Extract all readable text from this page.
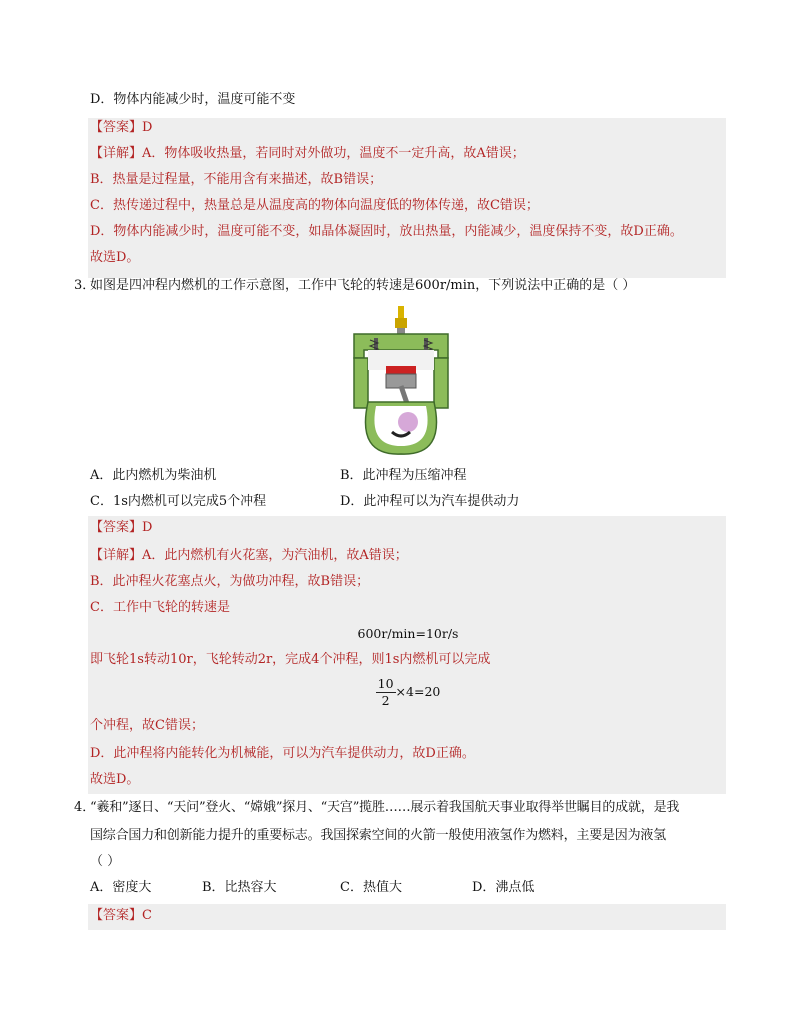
D．物体内能减少时，温度可能不变
【答案】D
【详解】A．物体吸收热量，若同时对外做功，温度不一定升高，故A错误；
B．热量是过程量，不能用含有来描述，故B错误；
C．热传递过程中，热量总是从温度高的物体向温度低的物体传递，故C错误；
D．物体内能减少时，温度可能不变，如晶体凝固时，放出热量，内能减少，温度保持不变，故D正确。
故选D。
3．
如图是四冲程内燃机的工作示意图，工作中飞轮的转速是600r/min，下列说法中正确的是（ ）
A．此内燃机为柴油机	B．此冲程为压缩冲程
C．1s内燃机可以完成5个冲程	D．此冲程可以为汽车提供动力
【答案】D
【详解】A．此内燃机有火花塞，为汽油机，故A错误；
B．此冲程火花塞点火，为做功冲程，故B错误；
C．工作中飞轮的转速是
600r/min=10r/s
即飞轮1s转动10r，飞轮转动2r，完成4个冲程，则1s内燃机可以完成
$\frac{10}{2} \times 4=20$
个冲程，故C错误；
D．此冲程将内能转化为机械能，可以为汽车提供动力，故D正确。
故选D。
4．
“羲和”逐日、“天问”登火、“嫦娥”探月、“天宫”揽胜……展示着我国航天事业取得举世瞩目的成就，是我
国综合国力和创新能力提升的重要标志。我国探索空间的火箭一般使用液氢作为燃料，主要是因为液氢
（ ）
A．密度大	B．比热容大	C．热值大	D．沸点低
【答案】C
